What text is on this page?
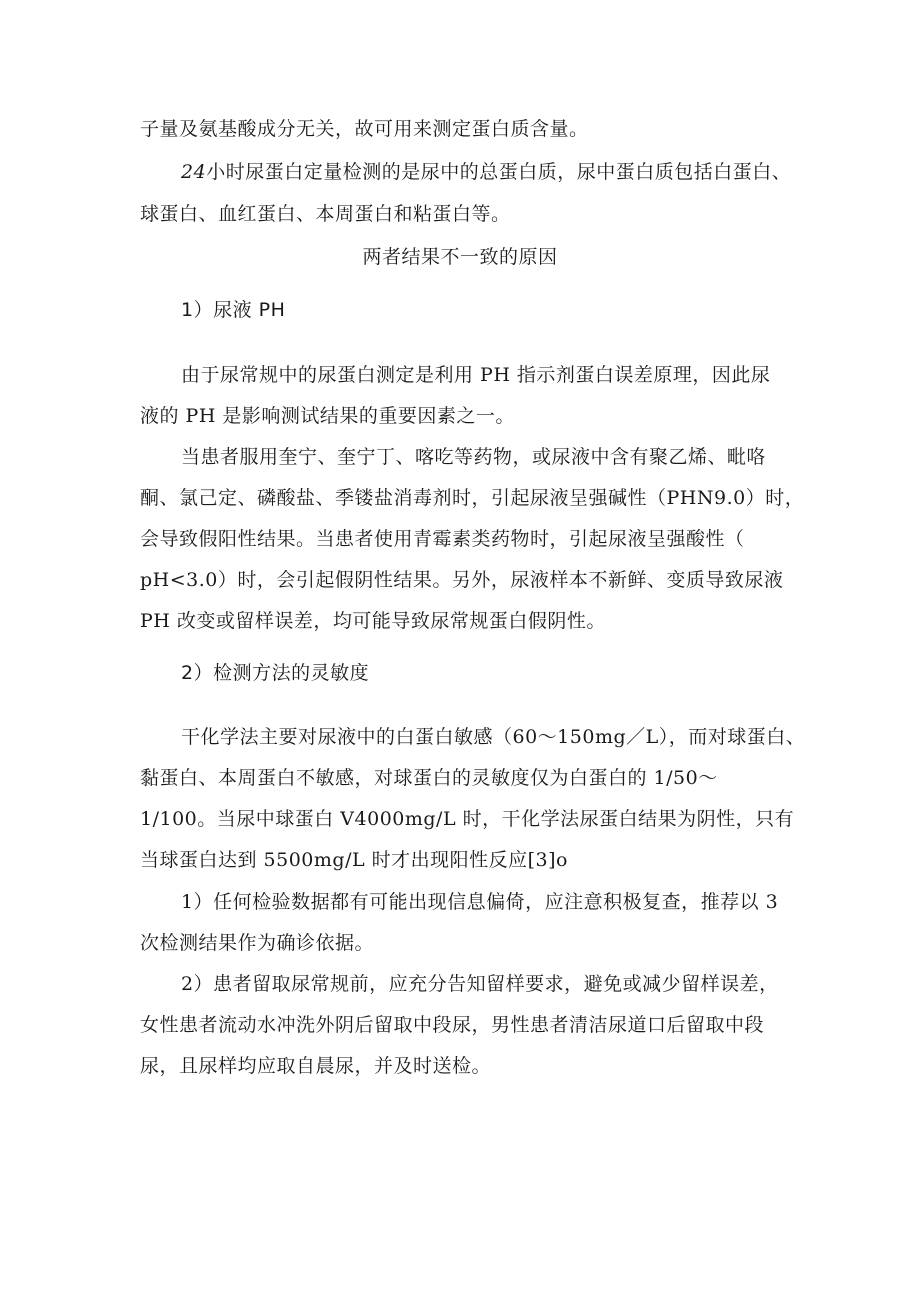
子量及氨基酸成分无关，故可用来测定蛋白质含量。
24小时尿蛋白定量检测的是尿中的总蛋白质，尿中蛋白质包括白蛋白、
球蛋白、血红蛋白、本周蛋白和粘蛋白等。
两者结果不一致的原因
1）尿液 PH
由于尿常规中的尿蛋白测定是利用 PH 指示剂蛋白误差原理，因此尿
液的 PH 是影响测试结果的重要因素之一。
当患者服用奎宁、奎宁丁、喀吃等药物，或尿液中含有聚乙烯、毗咯
酮、氯己定、磷酸盐、季镂盐消毒剂时，引起尿液呈强碱性（PHN9.0）时，
会导致假阳性结果。当患者使用青霉素类药物时，引起尿液呈强酸性（
pH<3.0）时，会引起假阴性结果。另外，尿液样本不新鲜、变质导致尿液
PH 改变或留样误差，均可能导致尿常规蛋白假阴性。
2）检测方法的灵敏度
干化学法主要对尿液中的白蛋白敏感（60～150mg／L），而对球蛋白、
黏蛋白、本周蛋白不敏感，对球蛋白的灵敏度仅为白蛋白的 1/50～
1/100。当尿中球蛋白 V4000mg/L 时，干化学法尿蛋白结果为阴性，只有
当球蛋白达到 5500mg/L 时才出现阳性反应[3]o
1）任何检验数据都有可能出现信息偏倚，应注意积极复查，推荐以 3
次检测结果作为确诊依据。
2）患者留取尿常规前，应充分告知留样要求，避免或减少留样误差，
女性患者流动水冲洗外阴后留取中段尿，男性患者清洁尿道口后留取中段
尿，且尿样均应取自晨尿，并及时送检。
